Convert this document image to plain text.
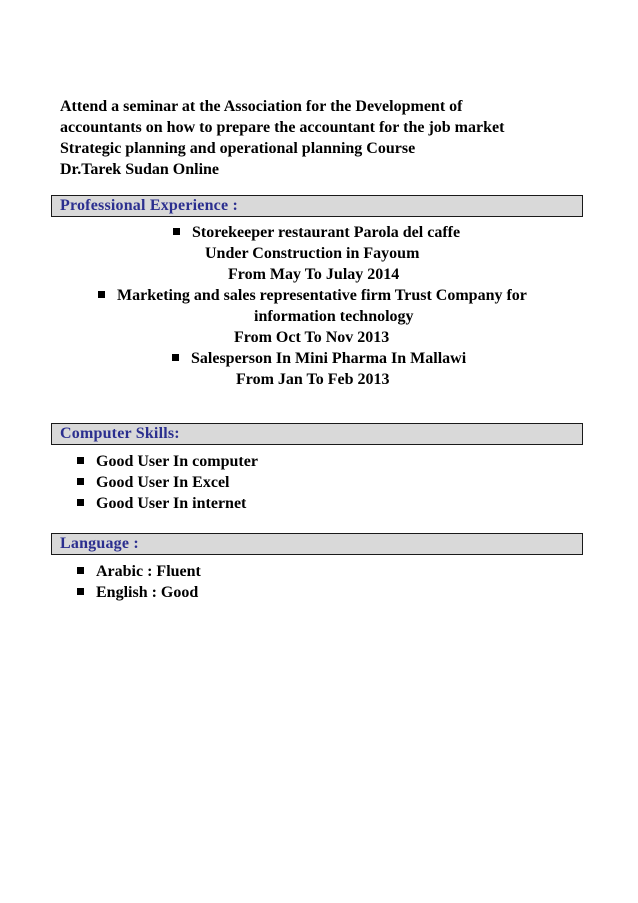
Attend a seminar at the Association for the Development of
accountants on how to prepare the accountant for the job market
Strategic planning and operational planning Course
Dr.Tarek Sudan Online
Professional Experience :
Storekeeper restaurant Parola del caffe
Under Construction in Fayoum
From May To Julay 2014
Marketing and sales representative firm Trust Company for
information technology
From Oct To Nov 2013
Salesperson In Mini Pharma In Mallawi
From Jan To Feb 2013
Computer Skills:
Good User In computer
Good User In Excel
Good User In internet
Language :
Arabic : Fluent
English : Good
